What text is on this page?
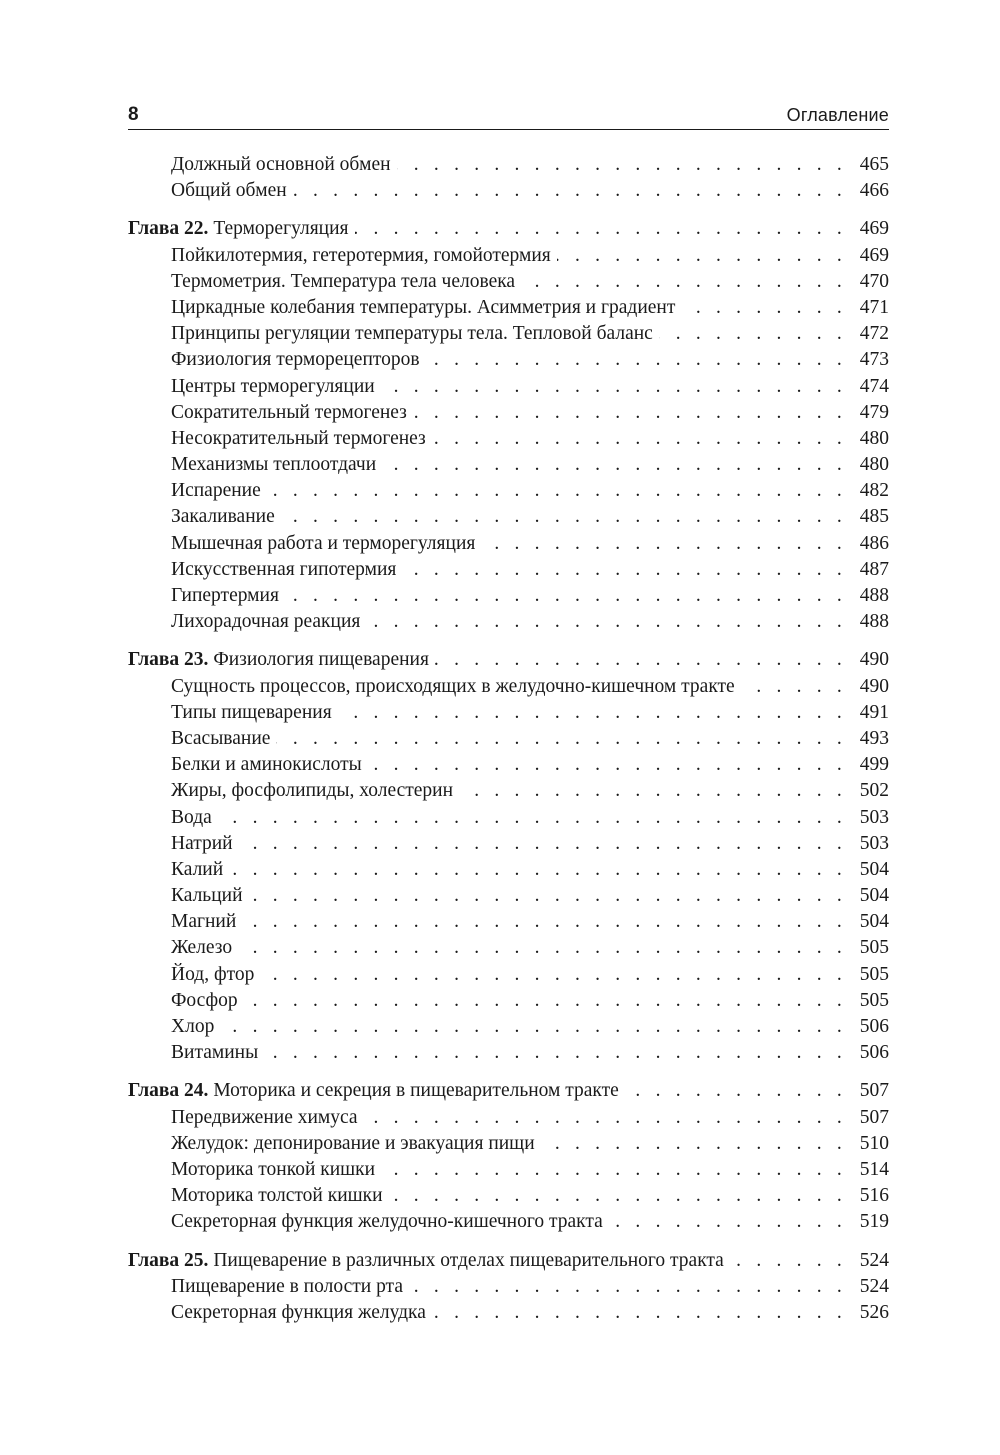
8	Оглавление
Должный основной обмен . . .	465
Общий обмен . . .	466
Глава 22. Терморегуляция . . .	469
Пойкилотермия, гетеротермия, гомойотермия . . .	469
Термометрия. Температура тела человека . . .	470
Циркадные колебания температуры. Асимметрия и градиент . . .	471
Принципы регуляции температуры тела. Тепловой баланс . . .	472
Физиология терморецепторов . . .	473
Центры терморегуляции . . .	474
Сократительный термогенез . . .	479
Несократительный термогенез . . .	480
Механизмы теплоотдачи . . .	480
Испарение . . .	482
Закаливание . . .	485
Мышечная работа и терморегуляция . . .	486
Искусственная гипотермия . . .	487
Гипертермия . . .	488
Лихорадочная реакция . . .	488
Глава 23. Физиология пищеварения . . .	490
Сущность процессов, происходящих в желудочно-кишечном тракте . . .	490
Типы пищеварения . . .	491
Всасывание . . .	493
Белки и аминокислоты . . .	499
Жиры, фосфолипиды, холестерин . . .	502
Вода . . .	503
Натрий . . .	503
Калий . . .	504
Кальций . . .	504
Магний . . .	504
Железо . . .	505
Йод, фтор . . .	505
Фосфор . . .	505
Хлор . . .	506
Витамины . . .	506
Глава 24. Моторика и секреция в пищеварительном тракте . . .	507
Передвижение химуса . . .	507
Желудок: депонирование и эвакуация пищи . . .	510
Моторика тонкой кишки . . .	514
Моторика толстой кишки . . .	516
Секреторная функция желудочно-кишечного тракта . . .	519
Глава 25. Пищеварение в различных отделах пищеварительного тракта . . .	524
Пищеварение в полости рта . . .	524
Секреторная функция желудка . . .	526
